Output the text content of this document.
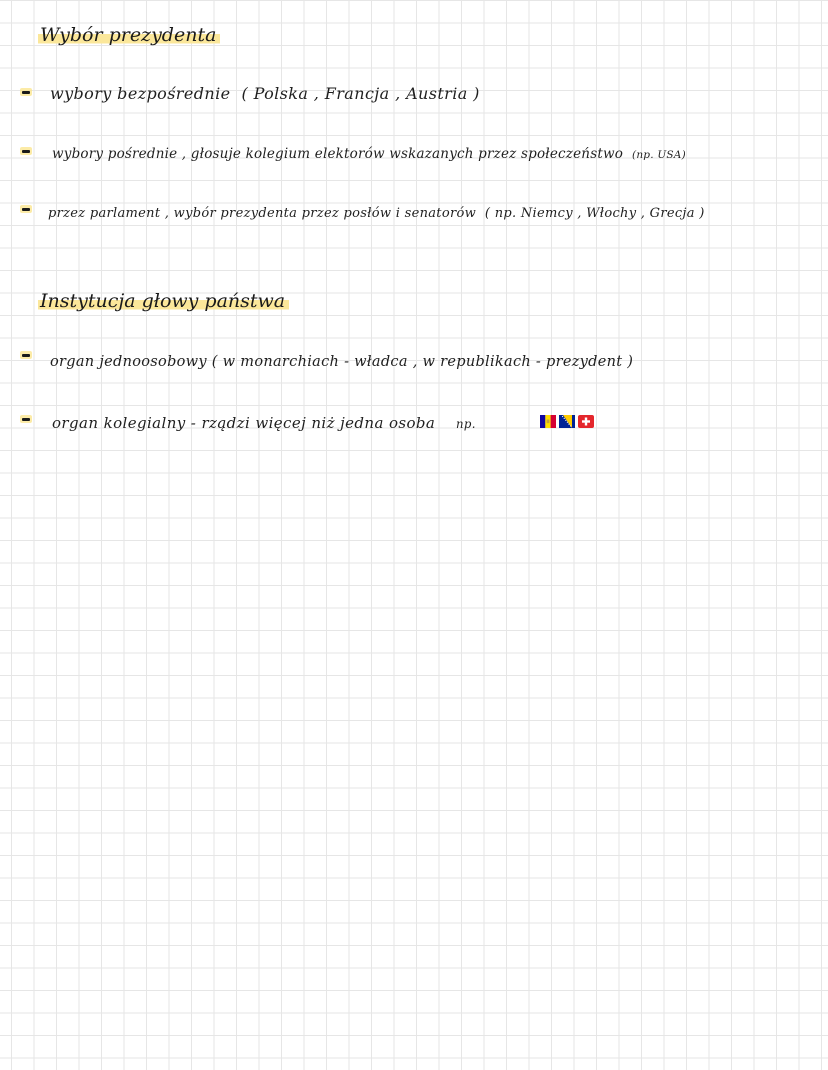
Wybór prezydenta
wybory bezpośrednie ( Polska , Francja , Austria )
wybory pośrednie , głosuje kolegium elektorów wskazanych przez społeczeństwo (np. USA)
przez parlament , wybór prezydenta przez posłów i senatorów ( np. Niemcy , Włochy , Grecja )
Instytucja głowy państwa
organ jednoosobowy ( w monarchiach - władca , w republikach - prezydent )
organ kolegialny - rządzi więcej niż jedna osoba np.
